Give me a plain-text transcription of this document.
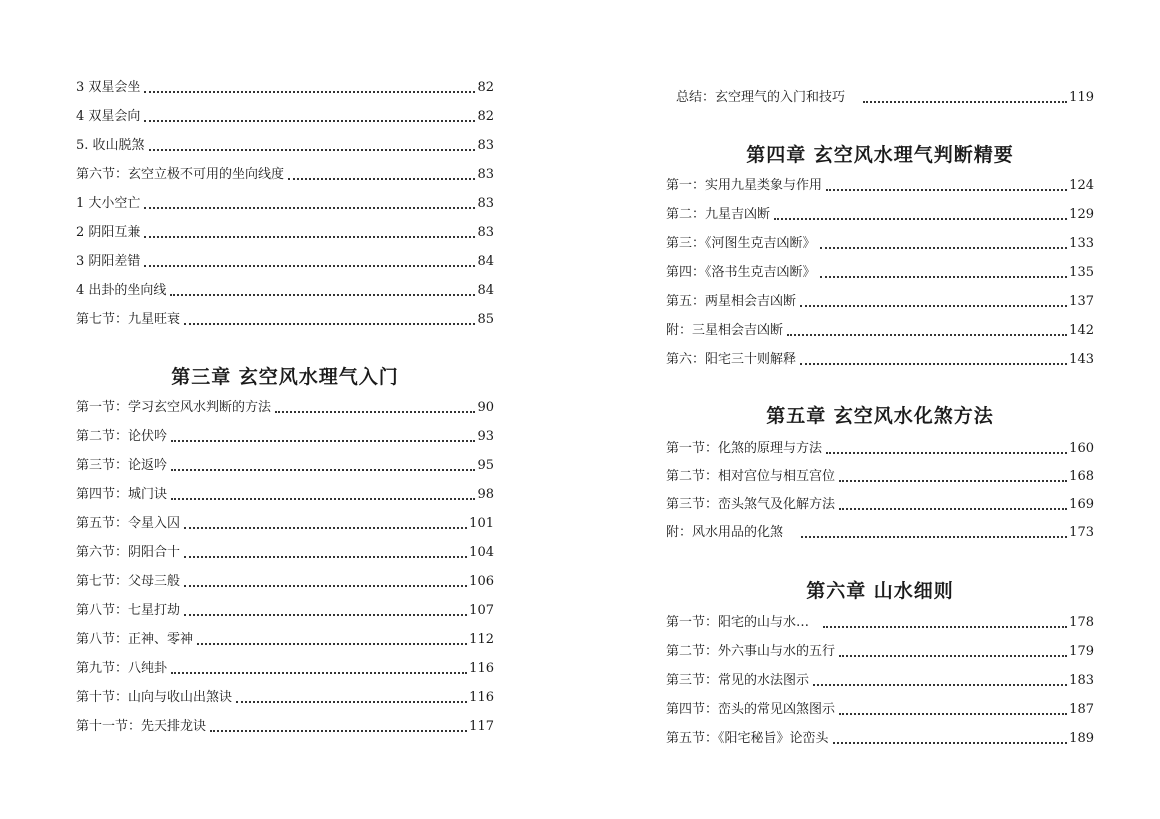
3 双星会坐	82
4 双星会向	82
5. 收山脱煞	83
第六节：玄空立极不可用的坐向线度	83
1 大小空亡	83
2 阴阳互兼	83
3 阴阳差错	84
4 出卦的坐向线	84
第七节：九星旺衰	85
第三章 玄空风水理气入门
第一节：学习玄空风水判断的方法	90
第二节：论伏吟	93
第三节：论返吟	95
第四节：城门诀	98
第五节：令星入囚	101
第六节：阴阳合十	104
第七节：父母三般	106
第八节：七星打劫	107
第八节：正神、零神	112
第九节：八纯卦	116
第十节：山向与收山出煞诀	116
第十一节：先天排龙诀	117
总结：玄空理气的入门和技巧	119
第四章 玄空风水理气判断精要
第一：实用九星类象与作用	124
第二：九星吉凶断	129
第三：《河图生克吉凶断》	133
第四：《洛书生克吉凶断》	135
第五：两星相会吉凶断	137
附：三星相会吉凶断	142
第六：阳宅三十则解释	143
第五章 玄空风水化煞方法
第一节：化煞的原理与方法	160
第二节：相对宫位与相互宫位	168
第三节：峦头煞气及化解方法	169
附：风水用品的化煞	173
第六章 山水细则
第一节：阳宅的山与水…	178
第二节：外六事山与水的五行	179
第三节：常见的水法图示	183
第四节：峦头的常见凶煞图示	187
第五节：《阳宅秘旨》论峦头	189
